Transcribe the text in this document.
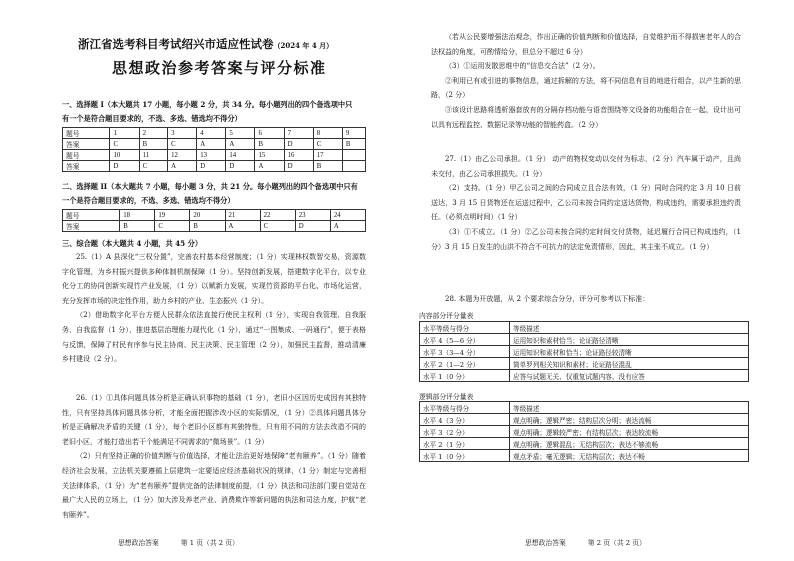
浙江省选考科目考试绍兴市适应性试卷（2024 年 4 月）
思想政治参考答案与评分标准
一、选择题 I（本大题共 17 小题，每小题 2 分，共 34 分。每小题列出的四个备选项中只
有一个是符合题目要求的，不选、多选、错选均不得分）
题号	1	2	3	4	5	6	7	8	9
答案	C	B	C	A	A	B	D	C	B
题号	10	11	12	13	14	15	16	17	
答案	D	C	A	D	D	A	D	B	
二、选择题 II（本大题共 7 小题，每小题 3 分，共 21 分。每小题列出的四个备选项中只有
一个是符合题目要求的，不选、多选、错选均不得分）
题号	18	19	20	21	22	23	24
答案	B	C	B	A	C	D	A
三、综合题（本大题共 4 小题，共 45 分）

25.（1）A 县深化“三权分置”，完善农村基本经营制度；（1 分）实现林权数智交易，资源数字化管理，为乡村振兴提供多种体制机制保障（1 分）。坚持创新发展，搭建数字化平台，以专业化分工的协同创新实现竹产业发展，（1 分）以赋新力发展，实现竹资源的平台化、市场化运营，充分发挥市场的决定性作用，助力乡村的产业、生态振兴（1 分）。

（2）借助数字化平台方便人民群众依法直接行使民主权利（1 分），实现自我管理、自我服务、自我监督（1 分），推进基层治理能力现代化（1 分），通过“一图集成、一码通行”，便于表格与反馈，保障了村民有序参与民主协商、民主决策、民主管理（2 分），加强民主监督，推动清廉乡村建设（2 分）。

26.（1）①具体问题具体分析是正确认识事物的基础（1 分），老旧小区因历史成因有其独特性，只有坚持具体问题具体分析，才能全面把握涉改小区的实际情况，（1 分）②具体问题具体分析是正确解决矛盾的关键（1 分），每个老旧小区都有其独特性，只有用不同的方法去改造不同的老旧小区，才能打造出若干个能满足不同需求的“微场景”。（1 分）

（2）只有坚持正确的价值判断与价值选择，才能让法治更好地保障“老有颐养”。（1 分）随着经济社会发展，立法机关要遵循上层建筑一定要适应经济基础状况的规律，（1 分）制定与完善相关法律体系，（1 分）为“老有颐养”提供完备的法律制度前提，（1 分）执法和司法部门要自觉站在最广大人民的立场上，（1 分）加大涉及养老产业、消费欺诈等新问题的执法和司法力度，护航“老有颐养”。

思想政治答案	第 1 页（共 2 页）

（若从公民要增强法治观念，作出正确的价值判断和价值选择，自觉维护而不得损害老年人的合法权益的角度，可酌情给分，但总分不超过 6 分）

（3）①运用发散思维中的“信息交合法”（2 分）。

②利用已有或引进的事物信息，通过拆解的方法，将不同信息有目的地进行组合，以产生新的思路，（2 分）

③该设计思路将透析器套放有的分隔存档功能与语音围绕等文设备的功能组合在一起，设计出可以具有远程监控、数据记录等功能的智能药盒。（2 分）

27.（1）由乙公司承担。（1 分） 动产的物权变动以交付为标志，（2 分）汽车属于动产，且尚未交付，由乙公司承担损失。（1 分）

（2）支持。（1 分）甲乙公司之间的合同成立且合法有效，（1 分）同时合同约定 3 月 10 日前送达，3 月 15 日货物还在运送过程中，乙公司未按合同约定送达货物，构成违约，需要承担违约责任。（必须点明时间）（1 分）

（3）①不成立。（1 分）②乙公司未按合同约定时间交付货物，延迟履行合同已构成违约，（1 分）3 月 15 日发生的山洪不符合不可抗力的法定免责情形，因此，其主张不成立。（1 分）

28. 本题为开放题，从 2 个要求综合分分，评分可参考以下标准：

内容部分评分量表
水平等级与得分	等级描述
水平 4（5—6 分）	运用知识和素材恰当；论证路径清晰
水平 3（3—4 分）	运用知识和素材和恰当；论证路径较清晰
水平 2（1—2 分）	简单罗列相关知识和素材；论证路径混乱
水平 1（0 分）	应答与试题无关、仅重复试题内容、没有应答
逻辑部分评分量表
水平等级与得分	等级描述
水平 4（3 分）	观点明确；逻辑严密；结构层次分明；表达流畅
水平 3（2 分）	观点明确；逻辑较严密；有结构层次；表达较流畅
水平 2（1 分）	观点明确；逻辑混乱；无结构层次；表达不够流畅
水平 1（0 分）	观点矛盾；毫无逻辑；无结构层次；表达不畅
思想政治答案	第 2 页（共 2 页）
